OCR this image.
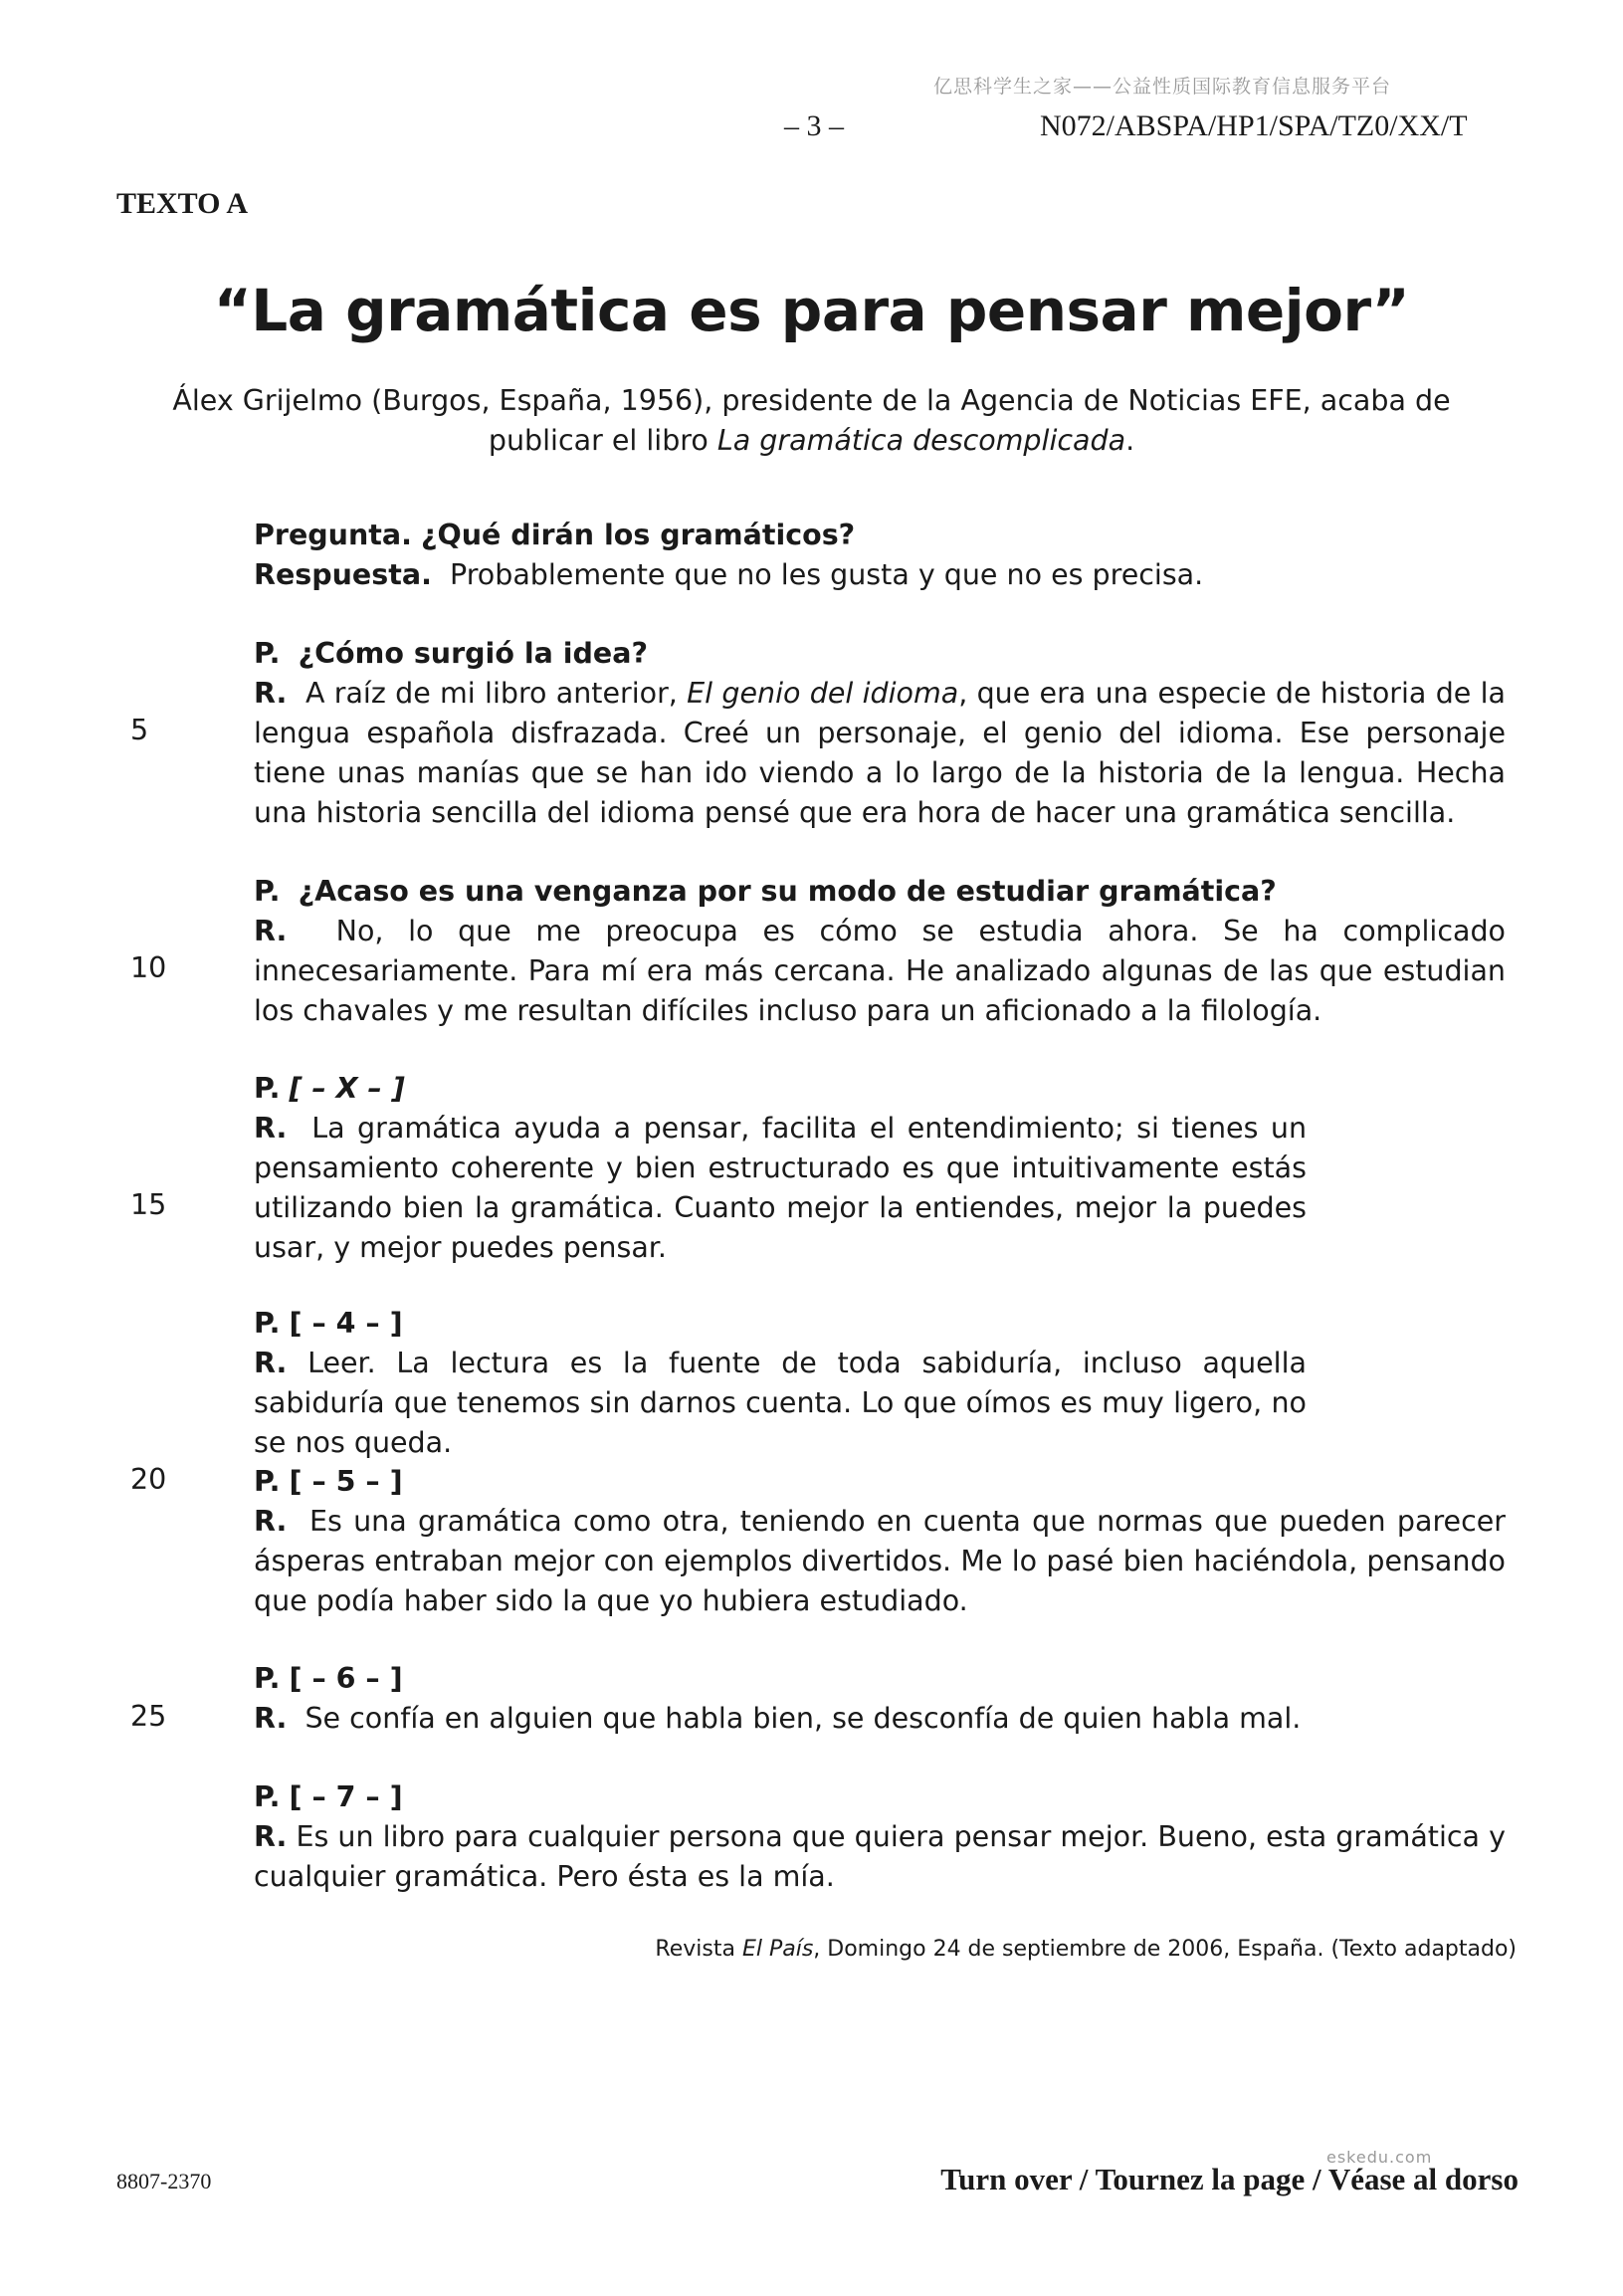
亿思科学生之家——公益性质国际教育信息服务平台
– 3 –	N072/ABSPA/HP1/SPA/TZ0/XX/T
TEXTO A
“La gramática es para pensar mejor”
Álex Grijelmo (Burgos, España, 1956), presidente de la Agencia de Noticias EFE, acaba de publicar el libro La gramática descomplicada.
Pregunta. ¿Qué dirán los gramáticos?
Respuesta. Probablemente que no les gusta y que no es precisa.
P. ¿Cómo surgió la idea?
R. A raíz de mi libro anterior, El genio del idioma, que era una especie de historia de la lengua española disfrazada. Creé un personaje, el genio del idioma. Ese personaje tiene unas manías que se han ido viendo a lo largo de la historia de la lengua. Hecha una historia sencilla del idioma pensé que era hora de hacer una gramática sencilla.
P. ¿Acaso es una venganza por su modo de estudiar gramática?
R. No, lo que me preocupa es cómo se estudia ahora. Se ha complicado innecesariamente. Para mí era más cercana. He analizado algunas de las que estudian los chavales y me resultan difíciles incluso para un aficionado a la filología.
P. [ – X – ]
R. La gramática ayuda a pensar, facilita el entendimiento; si tienes un pensamiento coherente y bien estructurado es que intuitivamente estás utilizando bien la gramática. Cuanto mejor la entiendes, mejor la puedes usar, y mejor puedes pensar.
P. [ – 4 – ]
R. Leer. La lectura es la fuente de toda sabiduría, incluso aquella sabiduría que tenemos sin darnos cuenta. Lo que oímos es muy ligero, no se nos queda.
P. [ – 5 – ]
R. Es una gramática como otra, teniendo en cuenta que normas que pueden parecer ásperas entraban mejor con ejemplos divertidos. Me lo pasé bien haciéndola, pensando que podía haber sido la que yo hubiera estudiado.
P. [ – 6 – ]
R. Se confía en alguien que habla bien, se desconfía de quien habla mal.
P. [ – 7 – ]
R. Es un libro para cualquier persona que quiera pensar mejor. Bueno, esta gramática y cualquier gramática. Pero ésta es la mía.
5
10
15
20
25
Revista El País, Domingo 24 de septiembre de 2006, España. (Texto adaptado)
8807-2370
eskedu.com
Turn over / Tournez la page / Véase al dorso
